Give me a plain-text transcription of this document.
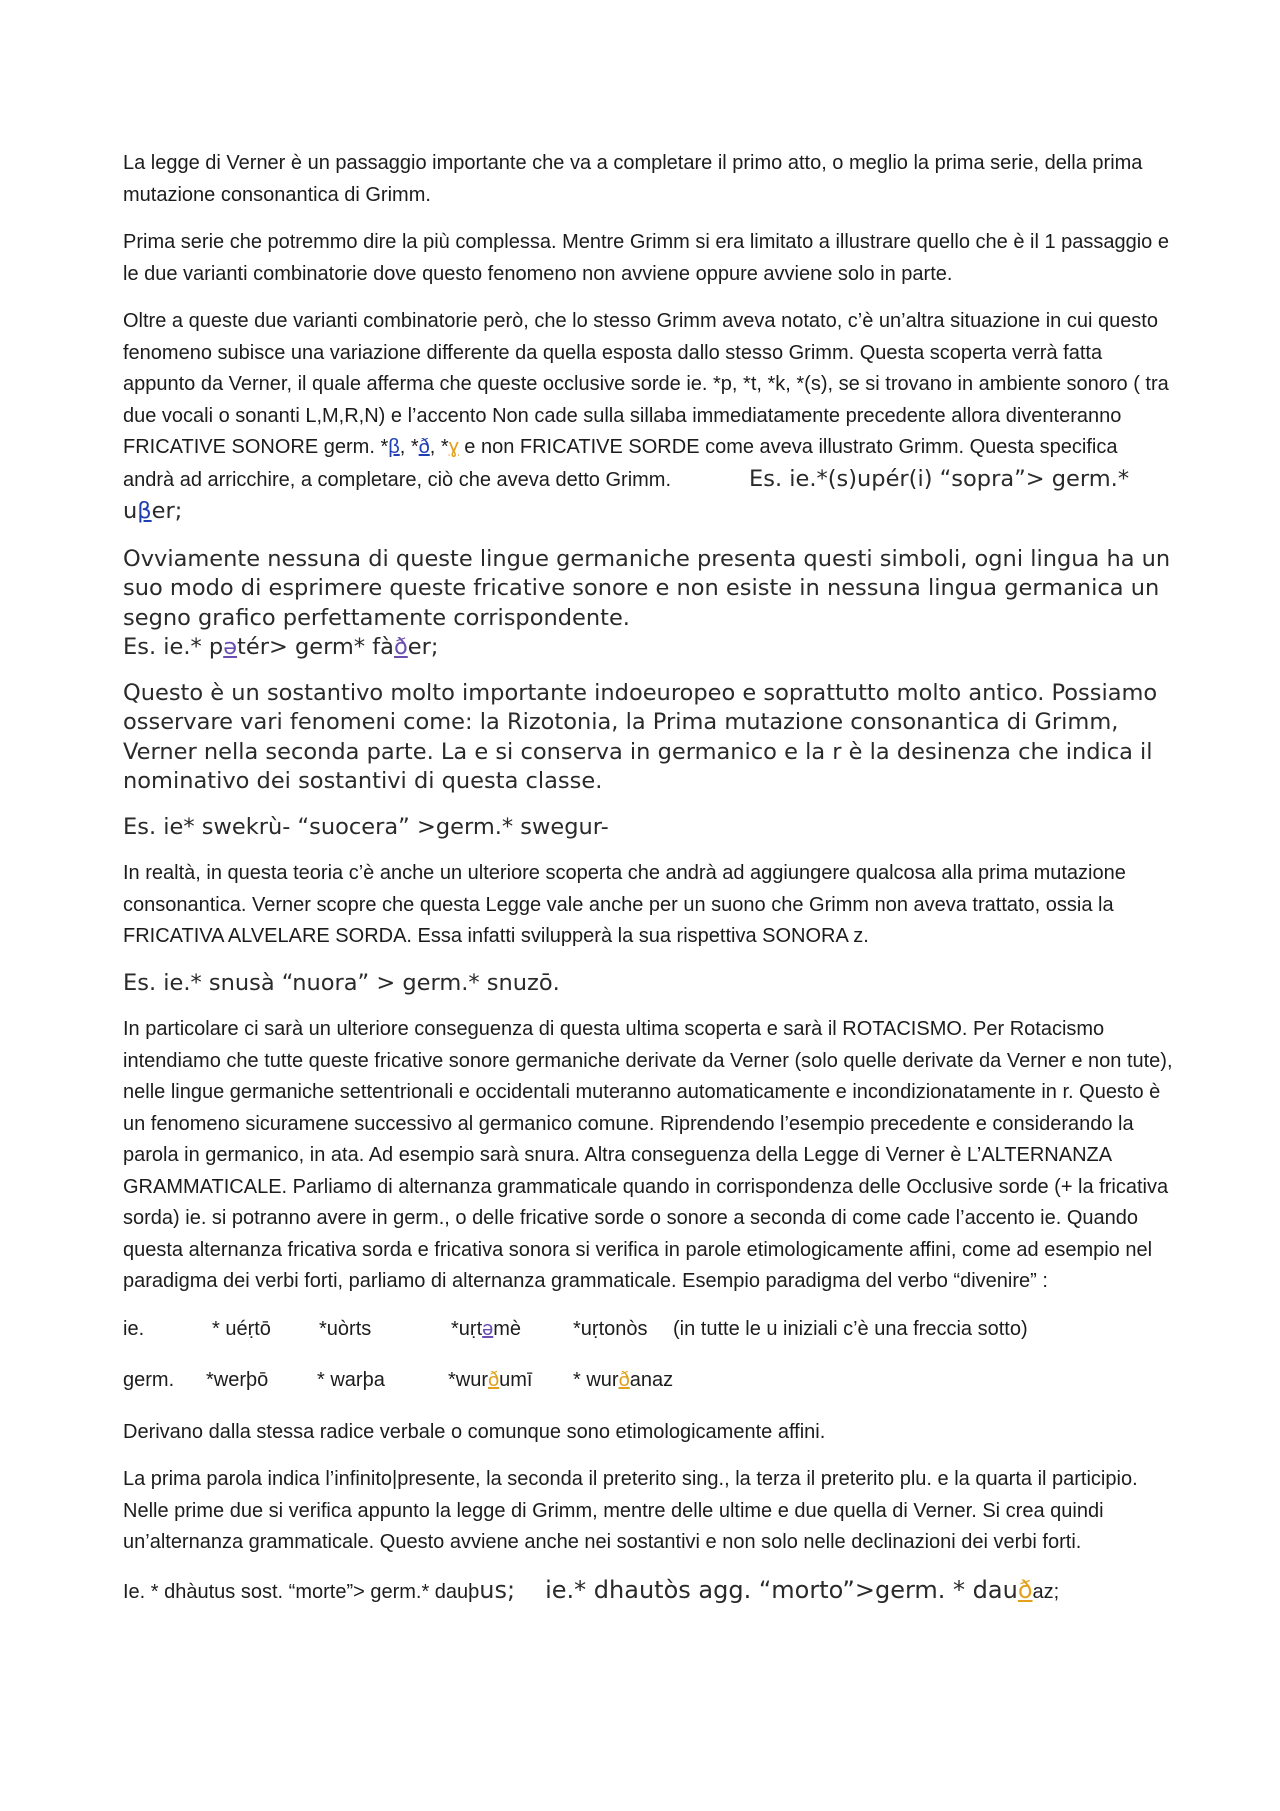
La legge di Verner è un passaggio importante che va a completare il primo atto, o meglio la prima serie, della prima mutazione consonantica di Grimm.

Prima serie che potremmo dire la più complessa. Mentre Grimm si era limitato a illustrare quello che è il 1 passaggio e le due varianti combinatorie dove questo fenomeno non avviene oppure avviene solo in parte.

Oltre a queste due varianti combinatorie però, che lo stesso Grimm aveva notato, c’è un’altra situazione in cui questo fenomeno subisce una variazione differente da quella esposta dallo stesso Grimm. Questa scoperta verrà fatta appunto da Verner, il quale afferma che queste occlusive sorde ie. *p, *t, *k, *(s), se si trovano in ambiente sonoro ( tra due vocali o sonanti L,M,R,N) e l’accento Non cade sulla sillaba immediatamente precedente allora diventeranno FRICATIVE SONORE germ. *β, *ð, *ɣ e non FRICATIVE SORDE come aveva illustrato Grimm. Questa specifica andrà ad arricchire, a completare, ciò che aveva detto Grimm.	Es. ie.*(s)upér(i) “sopra”> germ.* uβer;

Ovviamente nessuna di queste lingue germaniche presenta questi simboli, ogni lingua ha un suo modo di esprimere queste fricative sonore e non esiste in nessuna lingua germanica un segno grafico perfettamente corrispondente.

Es. ie.* pətér> germ* fàðer;

Questo è un sostantivo molto importante indoeuropeo e soprattutto molto antico. Possiamo osservare vari fenomeni come: la Rizotonia, la Prima mutazione consonantica di Grimm, Verner nella seconda parte. La e si conserva in germanico e la r è la desinenza che indica il nominativo dei sostantivi di questa classe.

Es. ie* swekrù- “suocera” >germ.* swegur-

In realtà, in questa teoria c’è anche un ulteriore scoperta che andrà ad aggiungere qualcosa alla prima mutazione consonantica. Verner scopre che questa Legge vale anche per un suono che Grimm non aveva trattato, ossia la FRICATIVA ALVELARE SORDA. Essa infatti svilupperà la sua rispettiva SONORA z.

Es. ie.* snusà “nuora” > germ.* snuzō.

In particolare ci sarà un ulteriore conseguenza di questa ultima scoperta e sarà il ROTACISMO. Per Rotacismo intendiamo che tutte queste fricative sonore germaniche derivate da Verner (solo quelle derivate da Verner e non tute), nelle lingue germaniche settentrionali e occidentali muteranno automaticamente e incondizionatamente in r. Questo è un fenomeno sicuramene successivo al germanico comune. Riprendendo l’esempio precedente e considerando la parola in germanico, in ata. Ad esempio sarà snura. Altra conseguenza della Legge di Verner è L’ALTERNANZA GRAMMATICALE. Parliamo di alternanza grammaticale quando in corrispondenza delle Occlusive sorde (+ la fricativa sorda) ie. si potranno avere in germ., o delle fricative sorde o sonore a seconda di come cade l’accento ie. Quando questa alternanza fricativa sorda e fricativa sonora si verifica in parole etimologicamente affini, come ad esempio nel paradigma dei verbi forti, parliamo di alternanza grammaticale. Esempio paradigma del verbo “divenire” :

ie.	* uéṛtō	*uòrts	*uṛtəmè	*uṛtonòs	(in tutte le u iniziali c’è una freccia sotto)
germ.	*werþō	* warþa	*wurðumī	* wurðanaz

Derivano dalla stessa radice verbale o comunque sono etimologicamente affini.

La prima parola indica l’infinito|presente, la seconda il preterito sing., la terza il preterito plu. e la quarta il participio. Nelle prime due si verifica appunto la legge di Grimm, mentre delle ultime e due quella di Verner. Si crea quindi un’alternanza grammaticale. Questo avviene anche nei sostantivi e non solo nelle declinazioni dei verbi forti.

Ie. * dhàutus sost. “morte”> germ.* dauþus; ie.* dhautòs agg. “morto”>germ. * dauðaz;
